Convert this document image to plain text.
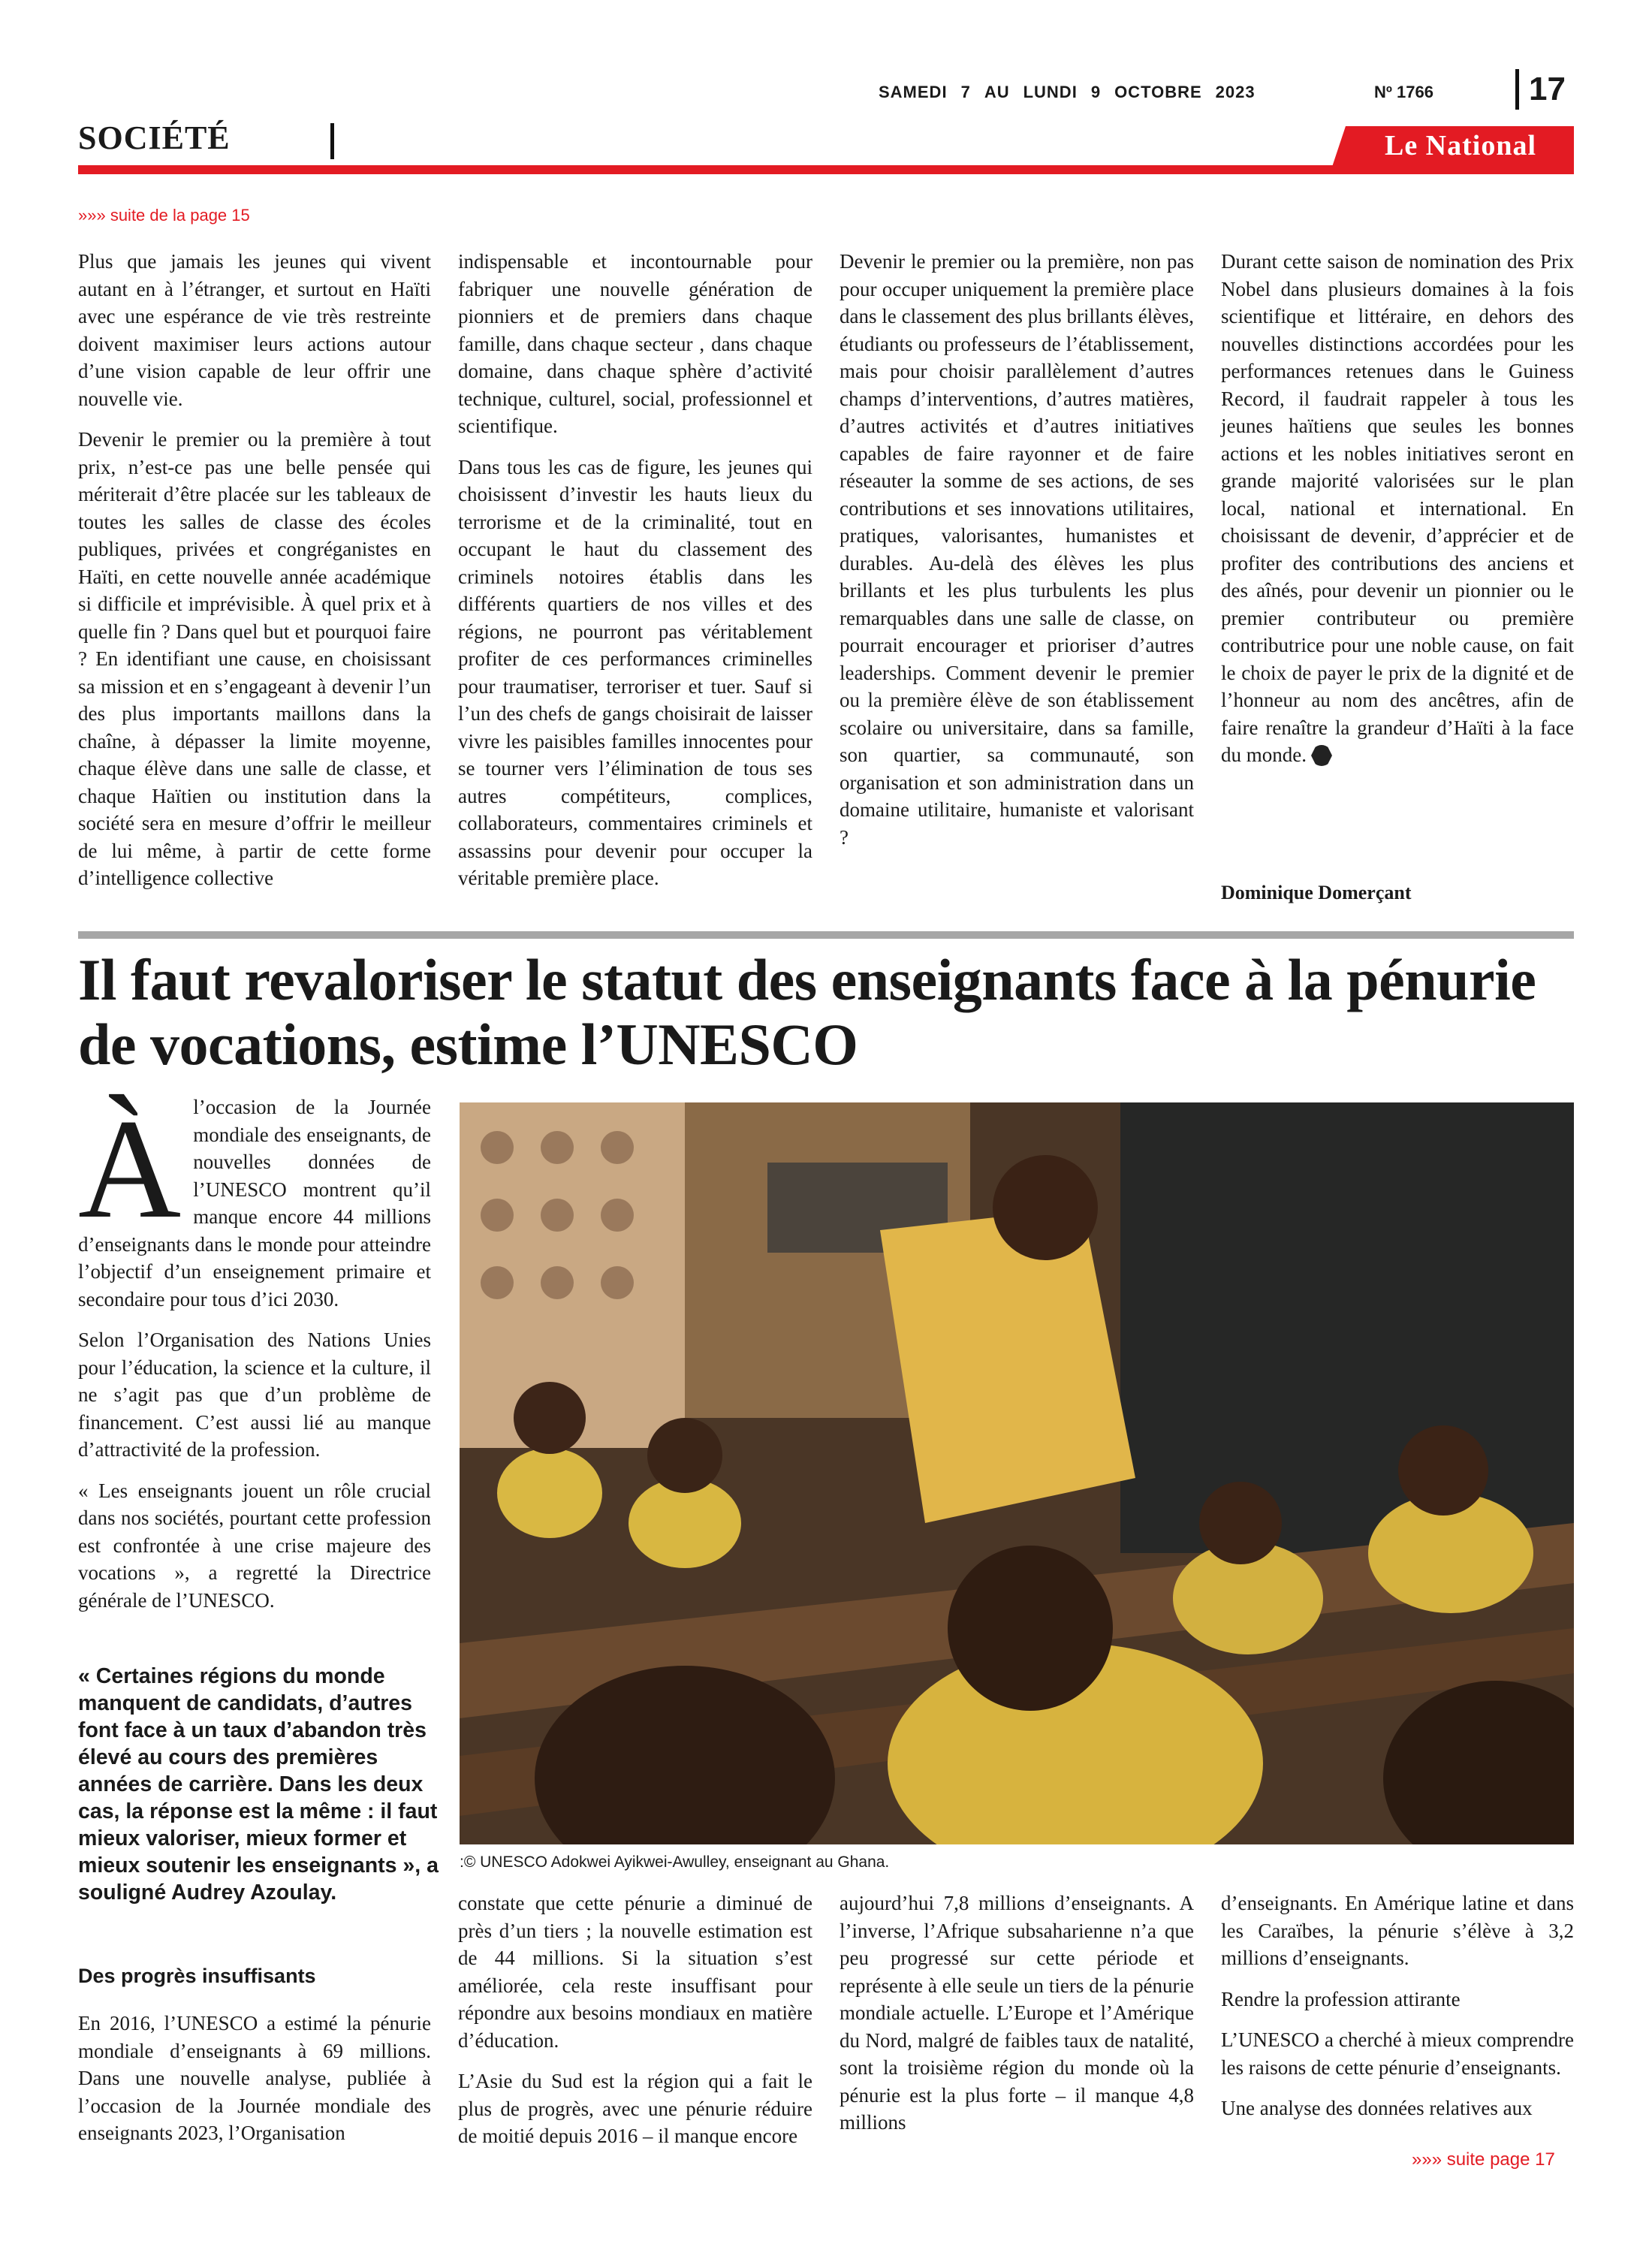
SAMEDI 7 AU LUNDI 9 OCTOBRE 2023	Nº 1766	17
SOCIÉTÉ	Le National
»»» suite de la page 15

Plus que jamais les jeunes qui vivent autant en à l’étranger, et surtout en Haïti avec une espérance de vie très restreinte doivent maximiser leurs actions autour d’une vision capable de leur offrir une nouvelle vie.

Devenir le premier ou la première à tout prix, n’est-ce pas une belle pensée qui mériterait d’être placée sur les tableaux de toutes les salles de classe des écoles publiques, privées et congréganistes en Haïti, en cette nouvelle année académique si difficile et imprévisible. À quel prix et à quelle fin ? Dans quel but et pourquoi faire ? En identifiant une cause, en choisissant sa mission et en s’engageant à devenir l’un des plus importants maillons dans la chaîne, à dépasser la limite moyenne, chaque élève dans une salle de classe, et chaque Haïtien ou institution dans la société sera en mesure d’offrir le meilleur de lui même, à partir de cette forme d’intelligence collective

indispensable et incontournable pour fabriquer une nouvelle génération de pionniers et de premiers dans chaque famille, dans chaque secteur , dans chaque domaine, dans chaque sphère d’activité technique, culturel, social, professionnel et scientifique.

Dans tous les cas de figure, les jeunes qui choisissent d’investir les hauts lieux du terrorisme et de la criminalité, tout en occupant le haut du classement des criminels notoires établis dans les différents quartiers de nos villes et des régions, ne pourront pas véritablement profiter de ces performances criminelles pour traumatiser, terroriser et tuer. Sauf si l’un des chefs de gangs choisirait de laisser vivre les paisibles familles innocentes pour se tourner vers l’élimination de tous ses autres compétiteurs, complices, collaborateurs, commentaires criminels et assassins pour devenir pour occuper la véritable première place.

Devenir le premier ou la première, non pas pour occuper uniquement la première place dans le classement des plus brillants élèves, étudiants ou professeurs de l’établissement, mais pour choisir parallèlement d’autres champs d’interventions, d’autres matières, d’autres activités et d’autres initiatives capables de faire rayonner et de faire réseauter la somme de ses actions, de ses contributions et ses innovations utilitaires, pratiques, valorisantes, humanistes et durables. Au-delà des élèves les plus brillants et les plus turbulents les plus remarquables dans une salle de classe, on pourrait encourager et prioriser d’autres leaderships. Comment devenir le premier ou la première élève de son établissement scolaire ou universitaire, dans sa famille, son quartier, sa communauté, son organisation et son administration dans un domaine utilitaire, humaniste et valorisant ?

Durant cette saison de nomination des Prix Nobel dans plusieurs domaines à la fois scientifique et littéraire, en dehors des nouvelles distinctions accordées pour les performances retenues dans le Guiness Record, il faudrait rappeler à tous les jeunes haïtiens que seules les bonnes actions et les nobles initiatives seront en grande majorité valorisées sur le plan local, national et international. En choisissant de devenir, d’apprécier et de profiter des contributions des anciens et des aînés, pour devenir un pionnier ou le premier contributeur ou première contributrice pour une noble cause, on fait le choix de payer le prix de la dignité et de l’honneur au nom des ancêtres, afin de faire renaître la grandeur d’Haïti à la face du monde.

Dominique Domerçant
Il faut revaloriser le statut des enseignants face à la pénurie de vocations, estime l’UNESCO

Àl’occasion de la Journée mondiale des enseignants, de nouvelles données de l’UNESCO montrent qu’il manque encore 44 millions d’enseignants dans le monde pour atteindre l’objectif d’un enseignement primaire et secondaire pour tous d’ici 2030.

Selon l’Organisation des Nations Unies pour l’éducation, la science et la culture, il ne s’agit pas que d’un problème de financement. C’est aussi lié au manque d’attractivité de la profession.

« Les enseignants jouent un rôle crucial dans nos sociétés, pourtant cette profession est confrontée à une crise majeure des vocations », a regretté la Directrice générale de l’UNESCO.

« Certaines régions du monde manquent de candidats, d’autres font face à un taux d’abandon très élevé au cours des premières années de carrière. Dans les deux cas, la réponse est la même : il faut mieux valoriser, mieux former et mieux soutenir les enseignants », a souligné Audrey Azoulay.
Des progrès insuffisants

En 2016, l’UNESCO a estimé la pénurie mondiale d’enseignants à 69 millions. Dans une nouvelle analyse, publiée à l’occasion de la Journée mondiale des enseignants 2023, l’Organisation

:© UNESCO Adokwei Ayikwei-Awulley, enseignant au Ghana.

constate que cette pénurie a diminué de près d’un tiers ; la nouvelle estimation est de 44 millions. Si la situation s’est améliorée, cela reste insuffisant pour répondre aux besoins mondiaux en matière d’éducation.

L’Asie du Sud est la région qui a fait le plus de progrès, avec une pénurie réduire de moitié depuis 2016 – il manque encore

aujourd’hui 7,8 millions d’enseignants. A l’inverse, l’Afrique subsaharienne n’a que peu progressé sur cette période et représente à elle seule un tiers de la pénurie mondiale actuelle. L’Europe et l’Amérique du Nord, malgré de faibles taux de natalité, sont la troisième région du monde où la pénurie est la plus forte – il manque 4,8 millions

d’enseignants. En Amérique latine et dans les Caraïbes, la pénurie s’élève à 3,2 millions d’enseignants.

Rendre la profession attirante

L’UNESCO a cherché à mieux comprendre les raisons de cette pénurie d’enseignants.

Une analyse des données relatives aux

»»» suite page 17
